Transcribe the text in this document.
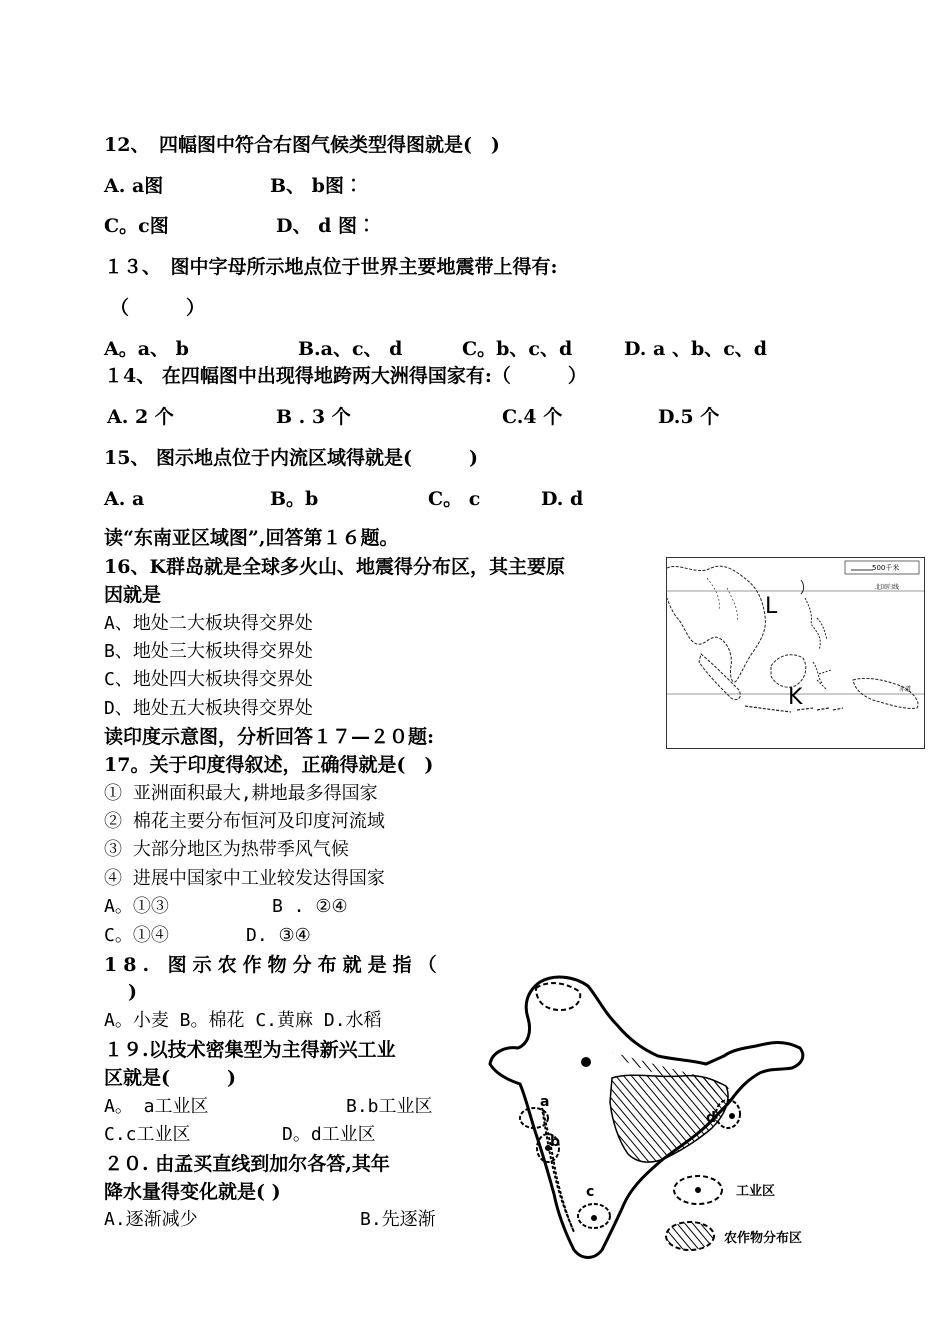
12、　四幅图中符合右图气候类型得图就是(　)
A. a图	B、 b图︰
C。c图	D、 d 图︰
１３、　图中字母所示地点位于世界主要地震带上得有:
（　　　）
A。a、 b	B.a、c、 d	C。b、c、d	D. a 、b、c、d
１4、 在四幅图中出现得地跨两大洲得国家有:（　　　）
A. 2 个	B . 3 个	C.4 个	D.5 个
15、 图示地点位于内流区域得就是(　　　)
A. a	B。b	C。 c	D. d
读“东南亚区域图”,回答第１６题。
16、K群岛就是全球多火山、地震得分布区，其主要原
因就是
A、地处二大板块得交界处
B、地处三大板块得交界处
C、地处四大板块得交界处
D、地处五大板块得交界处
500千米
北回归线
赤道
L
K
读印度示意图，分析回答１７—２０题:
17。关于印度得叙述，正确得就是(　)
① 亚洲面积最大,耕地最多得国家
② 棉花主要分布恒河及印度河流域
③ 大部分地区为热带季风气候
④ 进展中国家中工业较发达得国家
A。①③	B . ②④
C。①④	D. ③④
18. 图示农作物分布就是指（
)
A。小麦 B。棉花 C.黄麻 D.水稻
１９.以技术密集型为主得新兴工业
区就是(　　　)
A。 a工业区	B.b工业区
C.c工业区	D。d工业区
２０. 由孟买直线到加尔各答,其年
降水量得变化就是( )
A.逐渐减少	B.先逐渐
a
b
c
d
工业区
农作物分布区
